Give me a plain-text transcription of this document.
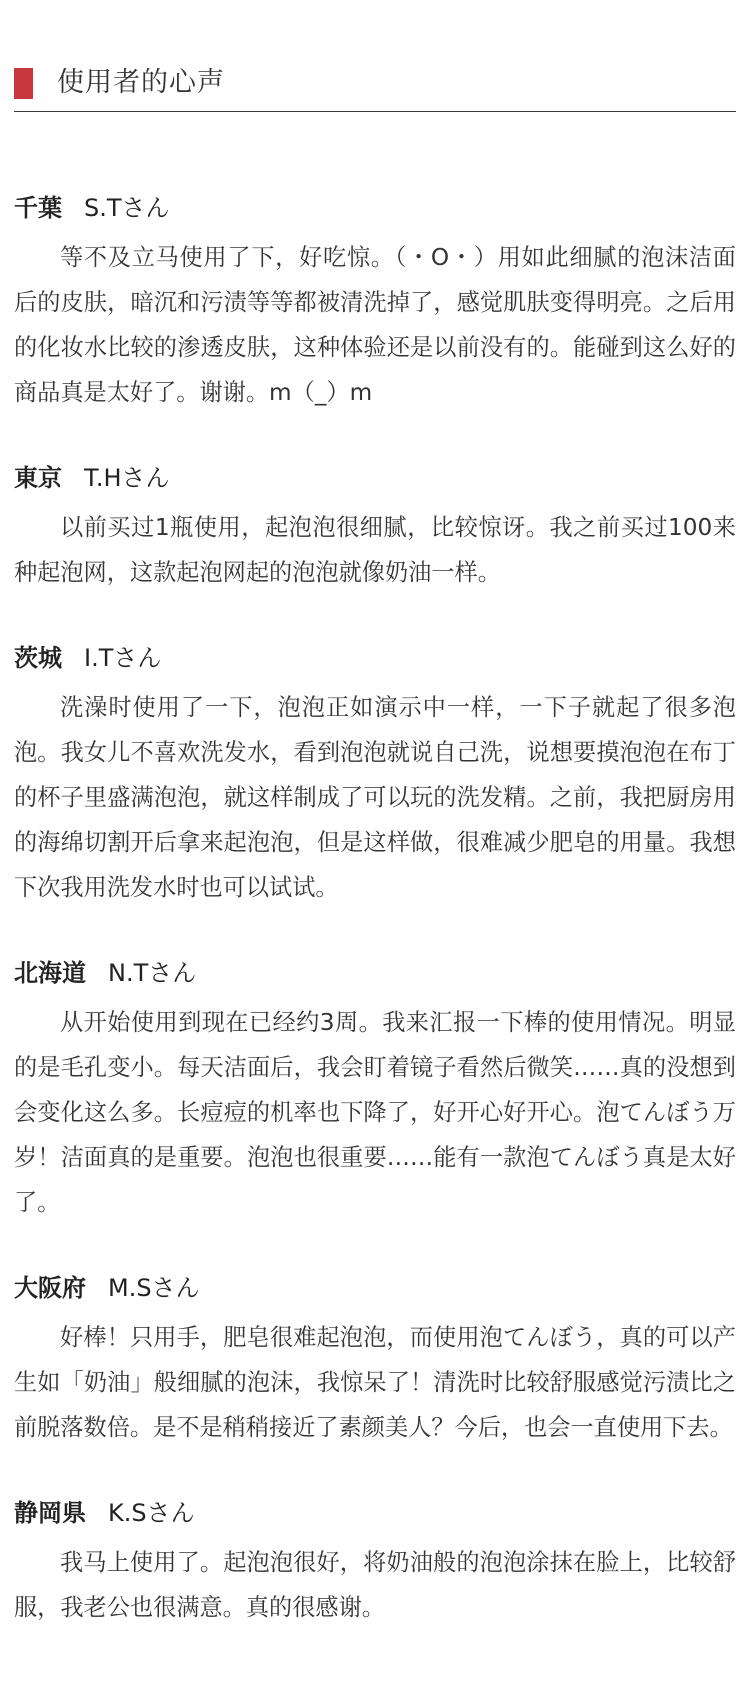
使用者的心声
千葉 S.Tさん

等不及立马使用了下，好吃惊。（・O・）用如此细腻的泡沫洁面后的皮肤，暗沉和污渍等等都被清洗掉了，感觉肌肤变得明亮。之后用的化妆水比较的渗透皮肤，这种体验还是以前没有的。能碰到这么好的商品真是太好了。谢谢。m（_）m

東京 T.Hさん

以前买过1瓶使用，起泡泡很细腻，比较惊讶。我之前买过100来种起泡网，这款起泡网起的泡泡就像奶油一样。

茨城 I.Tさん

洗澡时使用了一下，泡泡正如演示中一样，一下子就起了很多泡泡。我女儿不喜欢洗发水，看到泡泡就说自己洗，说想要摸泡泡在布丁的杯子里盛满泡泡，就这样制成了可以玩的洗发精。之前，我把厨房用的海绵切割开后拿来起泡泡，但是这样做，很难减少肥皂的用量。我想下次我用洗发水时也可以试试。

北海道 N.Tさん

从开始使用到现在已经约3周。我来汇报一下棒的使用情况。明显的是毛孔变小。每天洁面后，我会盯着镜子看然后微笑……真的没想到会变化这么多。长痘痘的机率也下降了，好开心好开心。泡てんぼう万岁！洁面真的是重要。泡泡也很重要……能有一款泡てんぼう真是太好了。

大阪府 M.Sさん

好棒！只用手，肥皂很难起泡泡，而使用泡てんぼう，真的可以产生如「奶油」般细腻的泡沫，我惊呆了！清洗时比较舒服感觉污渍比之前脱落数倍。是不是稍稍接近了素颜美人？今后，也会一直使用下去。

静岡県 K.Sさん

我马上使用了。起泡泡很好，将奶油般的泡泡涂抹在脸上，比较舒服，我老公也很满意。真的很感谢。
